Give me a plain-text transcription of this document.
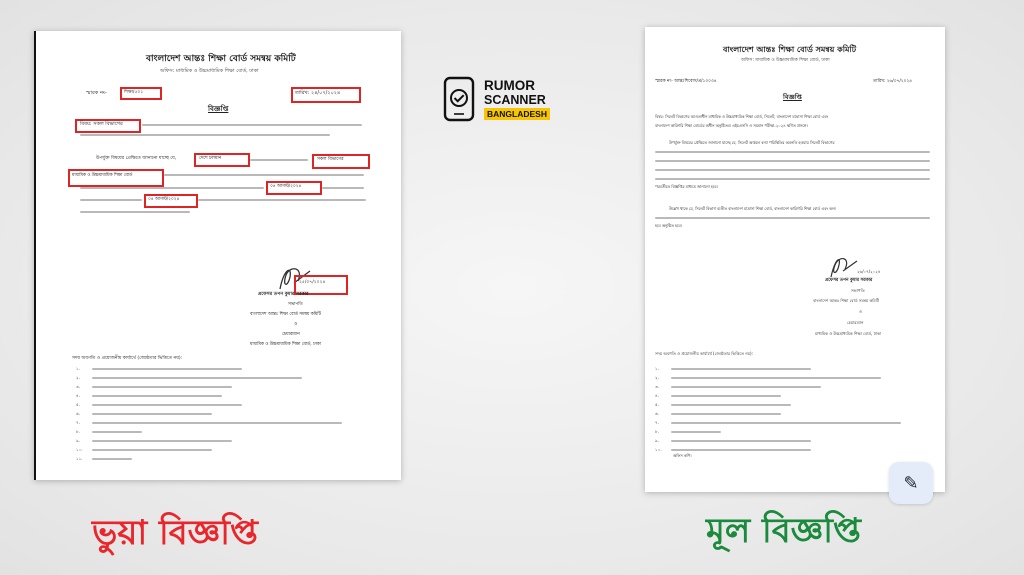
বাংলাদেশ আন্তঃ শিক্ষা বোর্ড সমন্বয় কমিটি
অফিস: মাধ্যমিক ও উচ্চমাধ্যমিক শিক্ষা বোর্ড, ঢাকা
স্মারক নং-	শিক্ষা/৫০১	তারিখ: ২৪/০৭/২০২৪
বিজ্ঞপ্তি
বিষয়: সকল বিভাগের
উপর্যুক্ত বিষয়ের প্রেক্ষিতে জানানো যাচ্ছে যে,	দেশে চলমান	সকল বিভাগের
মাধ্যমিক ও উচ্চমাধ্যমিক শিক্ষা বোর্ড
০৪ আগস্ট/২০২৪
০৪ আগস্ট/২০২৪
২৫/০৭/২০২৪
প্রফেসর তপন কুমার সরকার
সভাপতি
বাংলাদেশ আন্তঃ শিক্ষা বোর্ড সমন্বয় কমিটি
ও
চেয়ারম্যান
মাধ্যমিক ও উচ্চমাধ্যমিক শিক্ষা বোর্ড, ঢাকা
সদয় অবগতি ও প্রয়োজনীয় কার্যার্থে (জ্যেষ্ঠতার ভিত্তিতে নয়):
১.
২.
৩.
৪.
৫.
৬.
৭.
৮.
৯.
১০.
১১.
RUMOR
SCANNER
BANGLADESH
বাংলাদেশ আন্তঃ শিক্ষা বোর্ড সমন্বয় কমিটি
অফিস: মাধ্যমিক ও উচ্চমাধ্যমিক শিক্ষা বোর্ড, ঢাকা
স্মারক নং- আন্তঃশিবোস/প্র/১০০৩৪	তারিখ: ২৬/০৭/২০২৪
বিজ্ঞপ্তি
বিষয়: সিলেট বিভাগের আওতাধীন মাধ্যমিক ও উচ্চমাধ্যমিক শিক্ষা বোর্ড, সিলেট, বাংলাদেশ মাদ্রাসা শিক্ষা বোর্ড এবং
বাংলাদেশ কারিগরি শিক্ষা বোর্ডের অধীন অনুষ্ঠিতব্য এইচএসসি ও সমমান পরীক্ষা-২০২৪ স্থগিত প্রসঙ্গে।
উপর্যুক্ত বিষয়ের প্রেক্ষিতে জানানো যাচ্ছে যে, সিলেট অঞ্চলে বন্যা পরিস্থিতির অবনতি হওয়ায় সিলেট বিভাগের
পরবর্তীতে বিজ্ঞপ্তির মাধ্যমে জানানো হবে।
উল্লেখ থাকে যে, সিলেট বিভাগ ব্যতীত বাংলাদেশ মাদ্রাসা শিক্ষা বোর্ড, বাংলাদেশ কারিগরি শিক্ষা বোর্ড এবং অন্য
হবে অনুষ্ঠিত হবে।
২৬/০৭/২০২৪
প্রফেসর তপন কুমার সরকার
সভাপতি
বাংলাদেশ আন্তঃ শিক্ষা বোর্ড সমন্বয় কমিটি
ও
চেয়ারম্যান
মাধ্যমিক ও উচ্চমাধ্যমিক শিক্ষা বোর্ড, ঢাকা
সদয় অবগতি ও প্রয়োজনীয় কার্যার্থে (জ্যেষ্ঠতার ভিত্তিতে নয়):
১.
২.
৩.
৪.
৫.
৬.
৭.
৮.
৯.
১০.
অফিস কপি।
✎
ভুয়া বিজ্ঞপ্তি	মূল বিজ্ঞপ্তি
